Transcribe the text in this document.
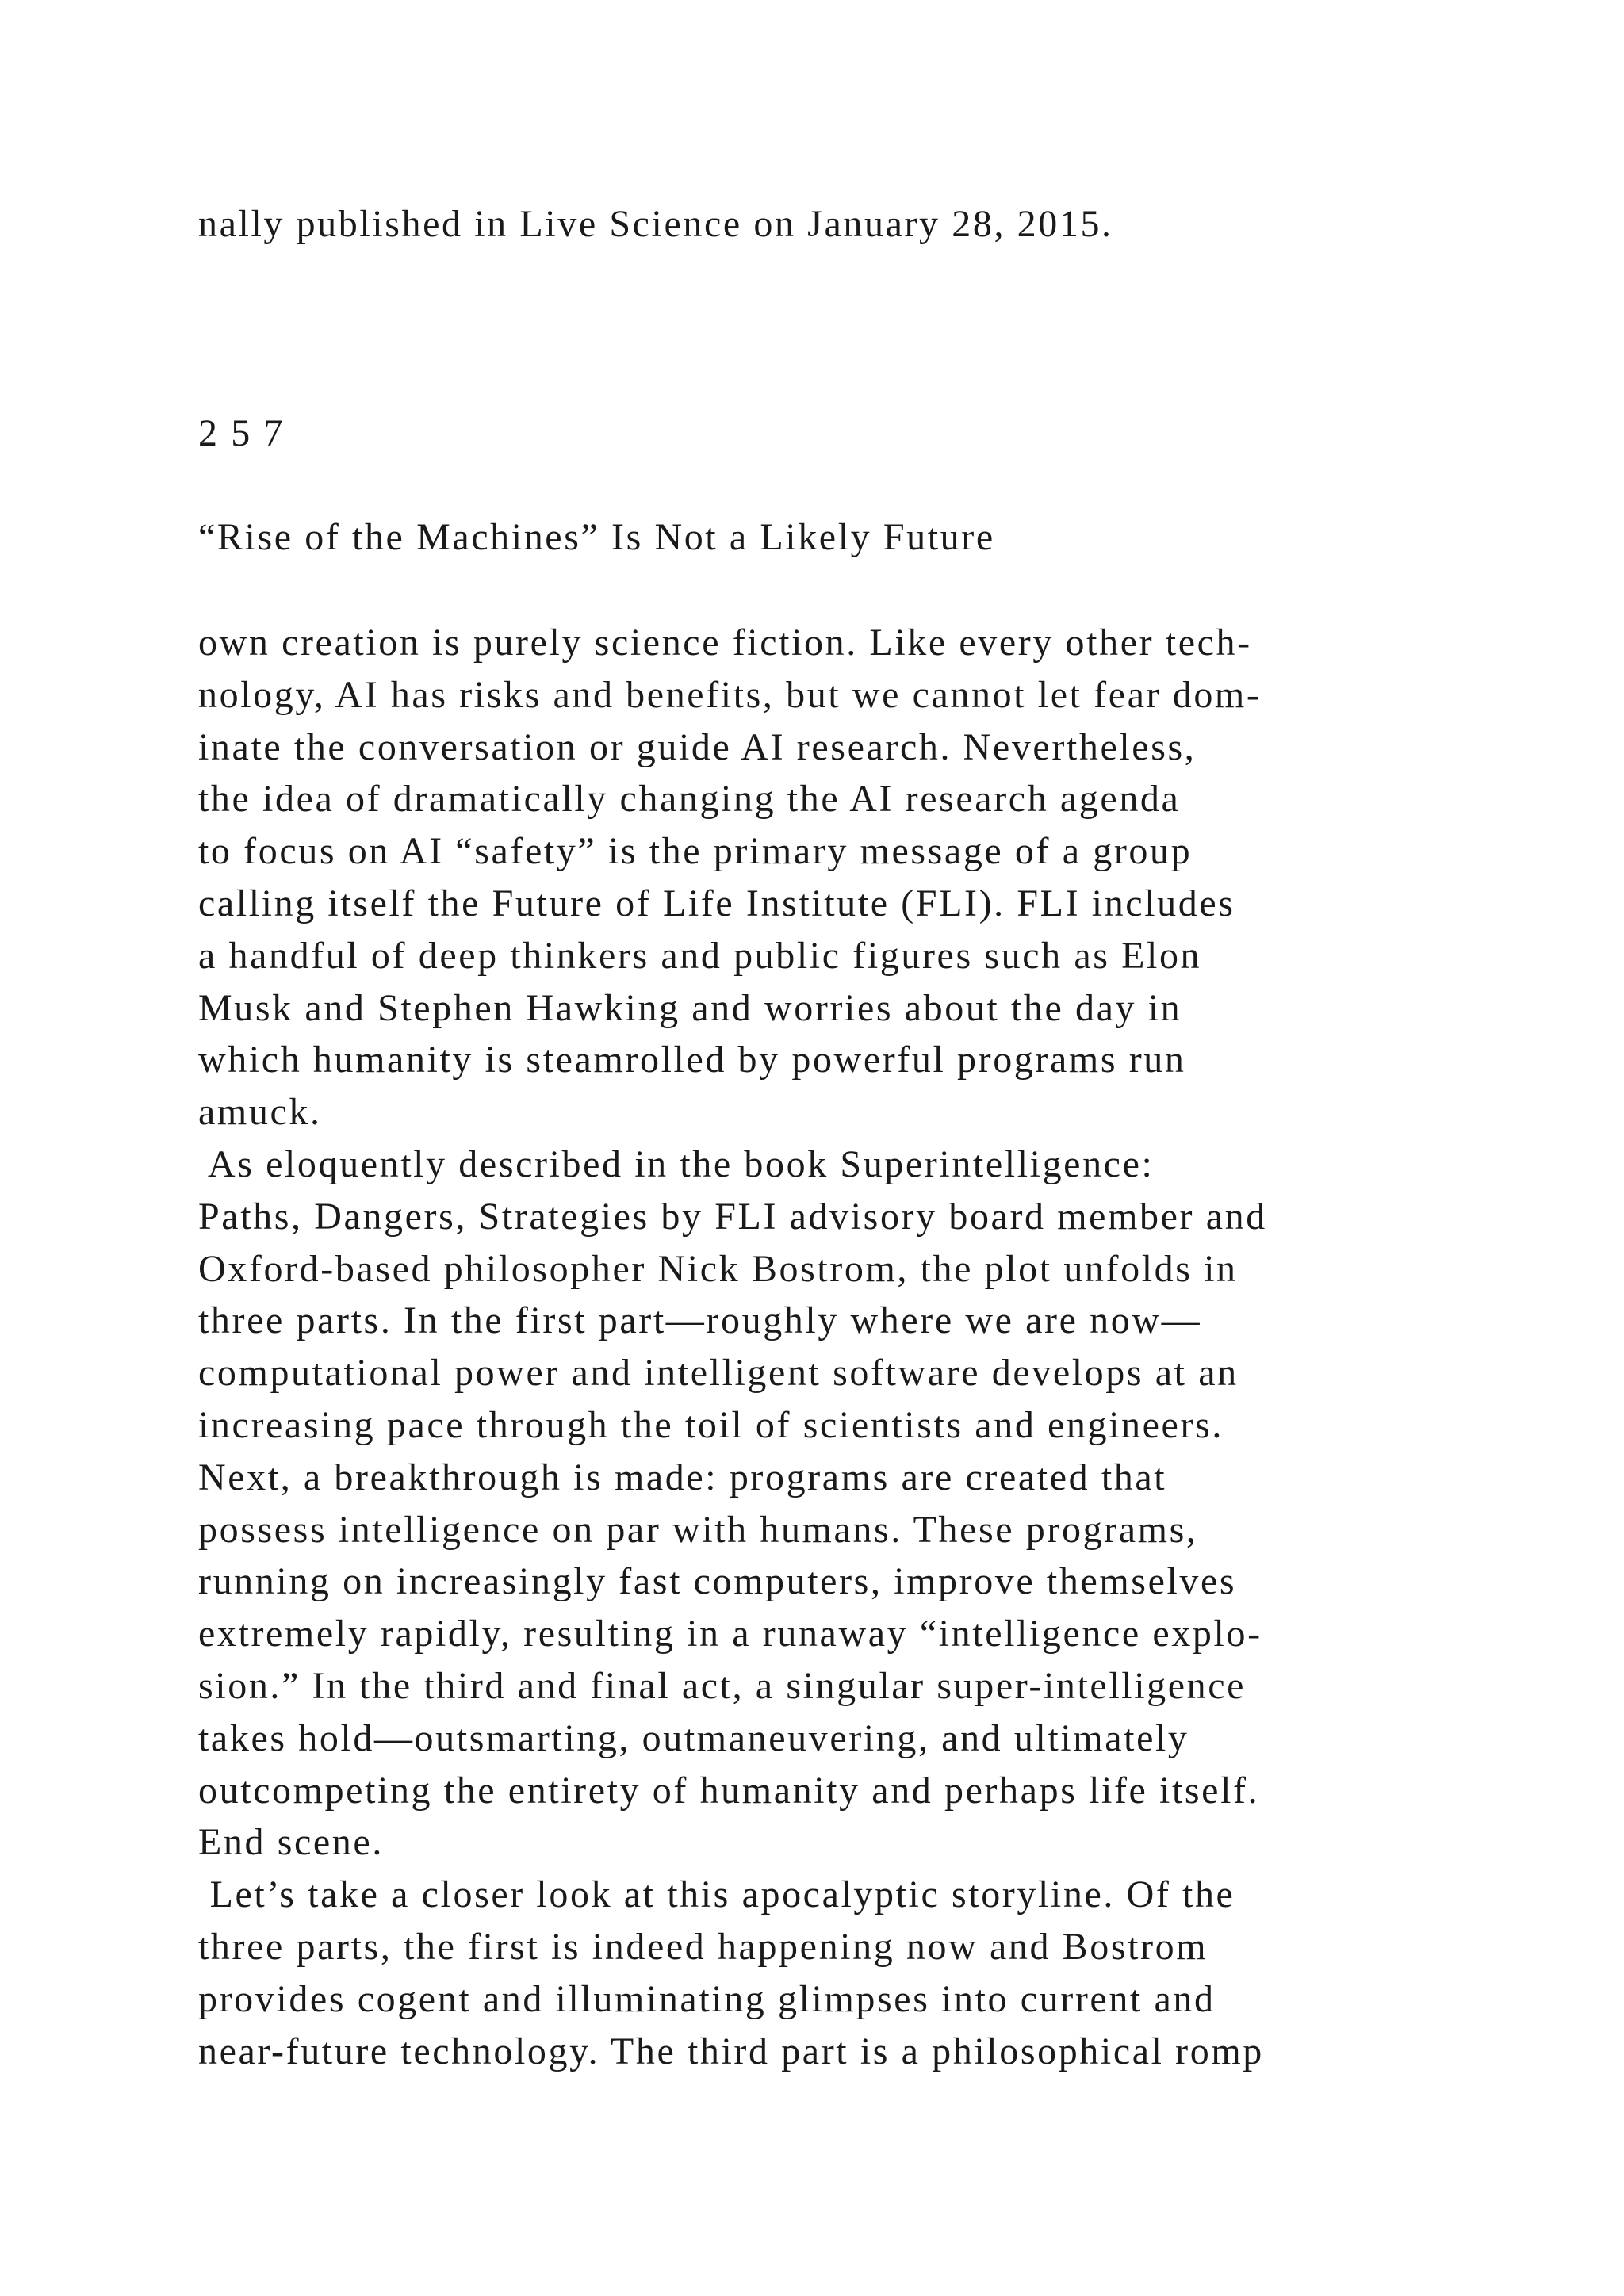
nally published in Live Science on January 28, 2015.

2 5 7

“Rise of the Machines” Is Not a Likely Future

own creation is purely science fiction. Like every other tech-
nology, AI has risks and benefits, but we cannot let fear dom-
inate the conversation or guide AI research. Nevertheless,
the idea of dramatically changing the AI research agenda
to focus on AI “safety” is the primary message of a group
calling itself the Future of Life Institute (FLI). FLI includes
a handful of deep thinkers and public figures such as Elon
Musk and Stephen Hawking and worries about the day in
which humanity is steamrolled by powerful programs run
amuck.
As eloquently described in the book Superintelligence:
Paths, Dangers, Strategies by FLI advisory board member and
Oxford-based philosopher Nick Bostrom, the plot unfolds in
three parts. In the first part—roughly where we are now—
computational power and intelligent software develops at an
increasing pace through the toil of scientists and engineers.
Next, a breakthrough is made: programs are created that
possess intelligence on par with humans. These programs,
running on increasingly fast computers, improve themselves
extremely rapidly, resulting in a runaway “intelligence explo-
sion.” In the third and final act, a singular super-intelligence
takes hold—outsmarting, outmaneuvering, and ultimately
outcompeting the entirety of humanity and perhaps life itself.
End scene.
Let’s take a closer look at this apocalyptic storyline. Of the
three parts, the first is indeed happening now and Bostrom
provides cogent and illuminating glimpses into current and
near-future technology. The third part is a philosophical romp
